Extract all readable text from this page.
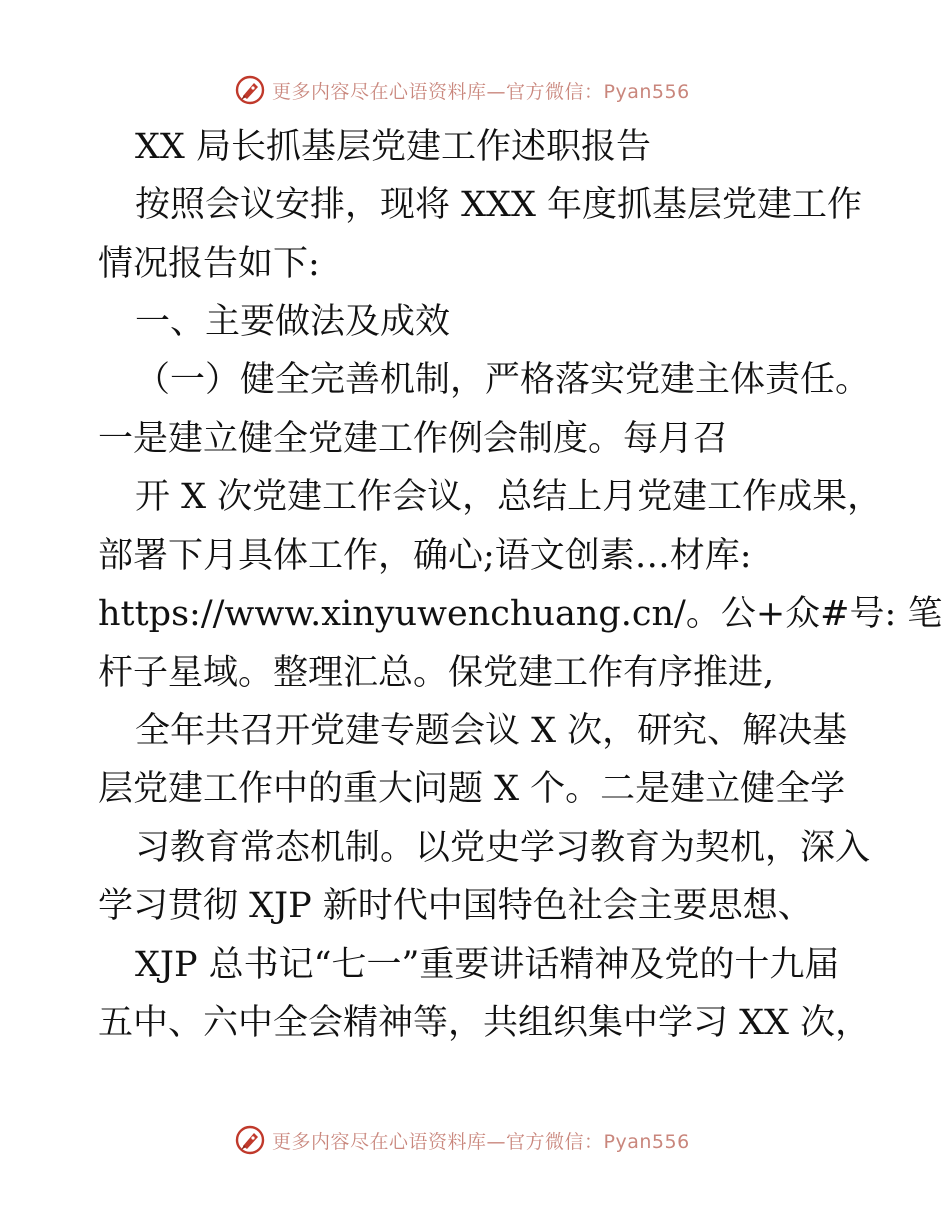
更多内容尽在心语资料库—官方微信：Pyan556
XX 局长抓基层党建工作述职报告
按照会议安排，现将 XXX 年度抓基层党建工作
情况报告如下:
一、主要做法及成效
（一）健全完善机制，严格落实党建主体责任。
一是建立健全党建工作例会制度。每月召
开 X 次党建工作会议，总结上月党建工作成果，
部署下月具体工作，确心;语文创素…材库:
https://www.xinyuwenchuang.cn/。公+众#号: 笔
杆子星域。整理汇总。保党建工作有序推进,
全年共召开党建专题会议 X 次，研究、解决基
层党建工作中的重大问题 X 个。二是建立健全学
习教育常态机制。以党史学习教育为契机，深入
学习贯彻 XJP 新时代中国特色社会主要思想、
XJP 总书记“七一”重要讲话精神及党的十九届
五中、六中全会精神等，共组织集中学习 XX 次，
更多内容尽在心语资料库—官方微信：Pyan556
